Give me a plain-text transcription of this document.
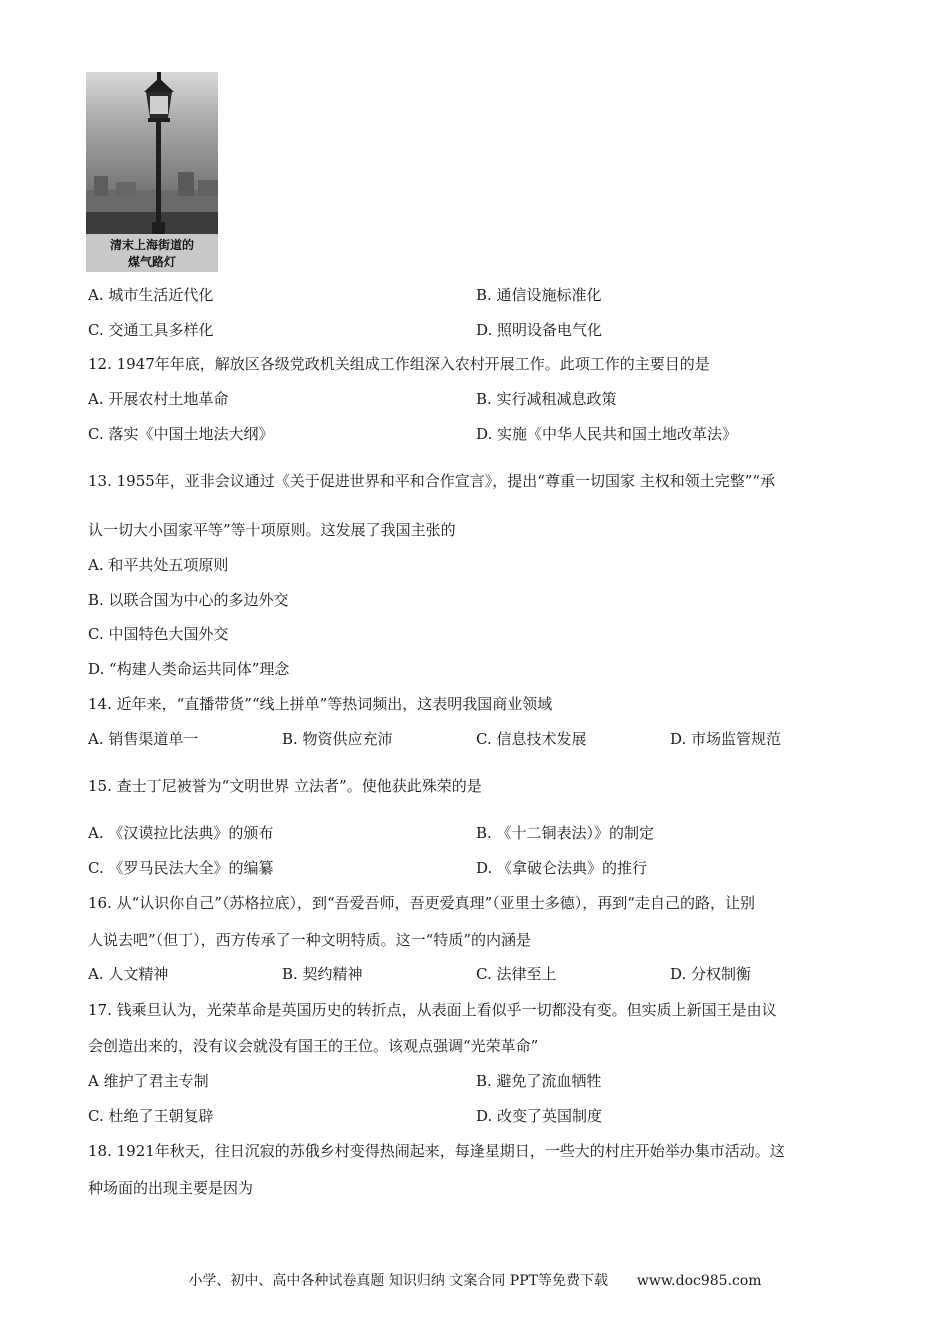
清末上海街道的
煤气路灯
A. 城市生活近代化	B. 通信设施标准化
C. 交通工具多样化	D. 照明设备电气化
12. 1947年年底，解放区各级党政机关组成工作组深入农村开展工作。此项工作的主要目的是
A. 开展农村土地革命	B. 实行减租减息政策
C. 落实《中国土地法大纲》	D. 实施《中华人民共和国土地改革法》
13. 1955年，亚非会议通过《关于促进世界和平和合作宣言》，提出“尊重一切国家 主权和领土完整”“承
认一切大小国家平等”等十项原则。这发展了我国主张的
A. 和平共处五项原则
B. 以联合国为中心的多边外交
C. 中国特色大国外交
D. “构建人类命运共同体”理念
14. 近年来，“直播带货”“线上拼单”等热词频出，这表明我国商业领域
A. 销售渠道单一	B. 物资供应充沛	C. 信息技术发展	D. 市场监管规范
15. 查士丁尼被誉为“文明世界 立法者”。使他获此殊荣的是
A. 《汉谟拉比法典》的颁布	B. 《十二铜表法）》的制定
C. 《罗马民法大全》的编纂	D. 《拿破仑法典》的推行
16. 从“认识你自己”（苏格拉底），到“吾爱吾师，吾更爱真理”（亚里士多德），再到“走自己的路，让别
人说去吧”（但丁），西方传承了一种文明特质。这一“特质”的内涵是
A. 人文精神	B. 契约精神	C. 法律至上	D. 分权制衡
17. 钱乘旦认为，光荣革命是英国历史的转折点，从表面上看似乎一切都没有变。但实质上新国王是由议
会创造出来的，没有议会就没有国王的王位。该观点强调“光荣革命”
A 维护了君主专制	B. 避免了流血牺牲
C. 杜绝了王朝复辟	D. 改变了英国制度
18. 1921年秋天，往日沉寂的苏俄乡村变得热闹起来，每逢星期日，一些大的村庄开始举办集市活动。这
种场面的出现主要是因为
小学、初中、高中各种试卷真题 知识归纳 文案合同 PPT等免费下载 www.doc985.com
